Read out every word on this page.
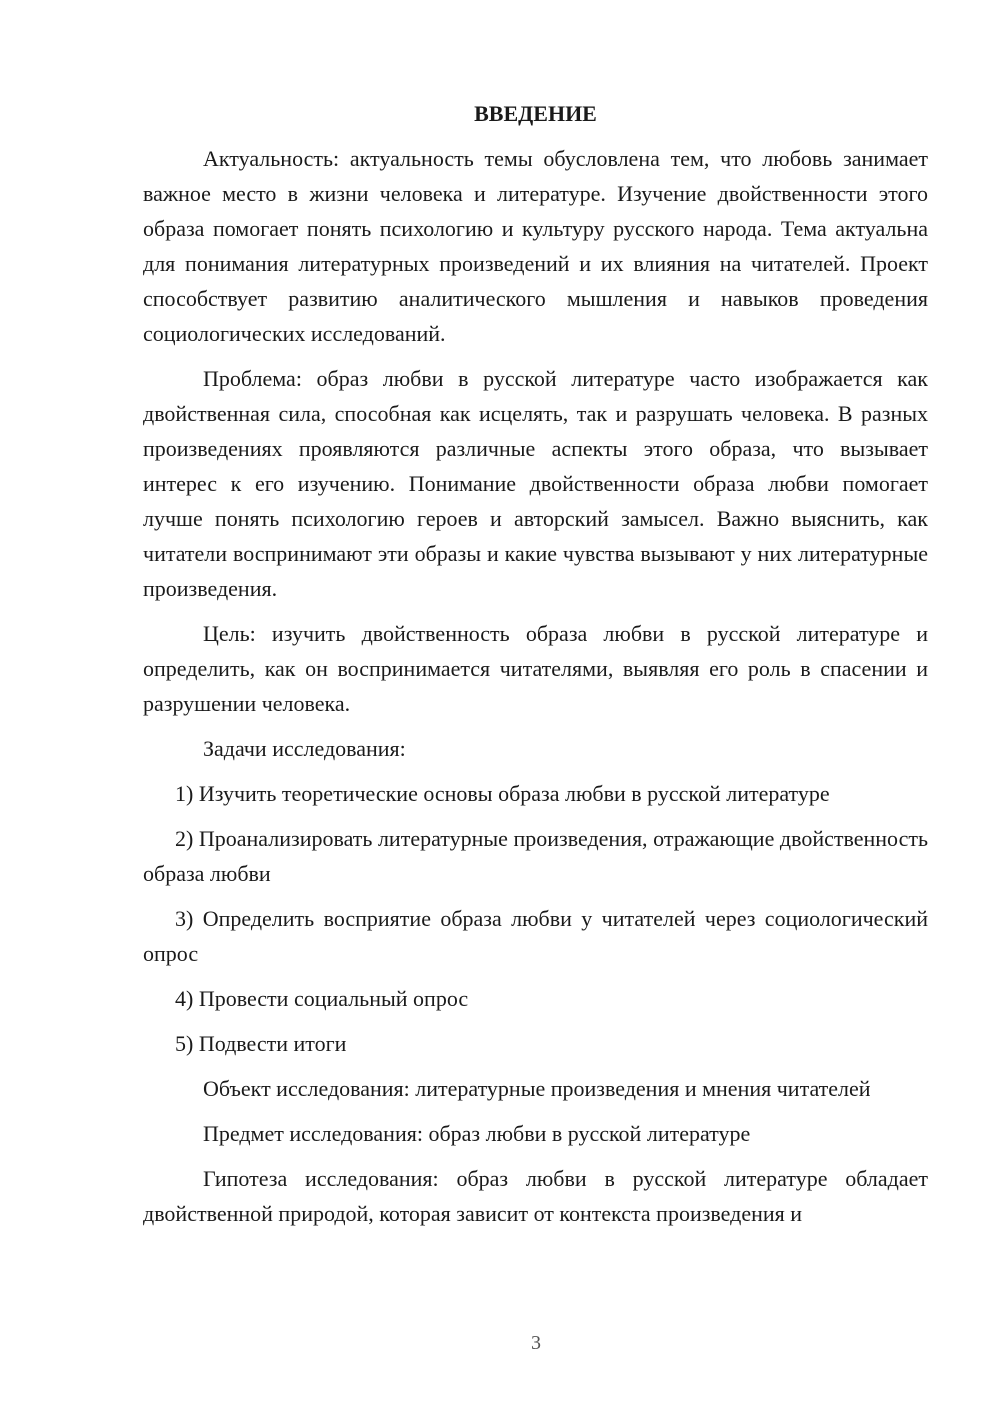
ВВЕДЕНИЕ

Актуальность: актуальность темы обусловлена тем, что любовь занимает важное место в жизни человека и литературе. Изучение двойственности этого образа помогает понять психологию и культуру русского народа. Тема актуальна для понимания литературных произведений и их влияния на читателей. Проект способствует развитию аналитического мышления и навыков проведения социологических исследований.

Проблема: образ любви в русской литературе часто изображается как двойственная сила, способная как исцелять, так и разрушать человека. В разных произведениях проявляются различные аспекты этого образа, что вызывает интерес к его изучению. Понимание двойственности образа любви помогает лучше понять психологию героев и авторский замысел. Важно выяснить, как читатели воспринимают эти образы и какие чувства вызывают у них литературные произведения.

Цель: изучить двойственность образа любви в русской литературе и определить, как он воспринимается читателями, выявляя его роль в спасении и разрушении человека.

Задачи исследования:

1) Изучить теоретические основы образа любви в русской литературе

2) Проанализировать литературные произведения, отражающие двойственность образа любви

3) Определить восприятие образа любви у читателей через социологический опрос

4) Провести социальный опрос

5) Подвести итоги

Объект исследования: литературные произведения и мнения читателей

Предмет исследования: образ любви в русской литературе

Гипотеза исследования: образ любви в русской литературе обладает двойственной природой, которая зависит от контекста произведения и

3
